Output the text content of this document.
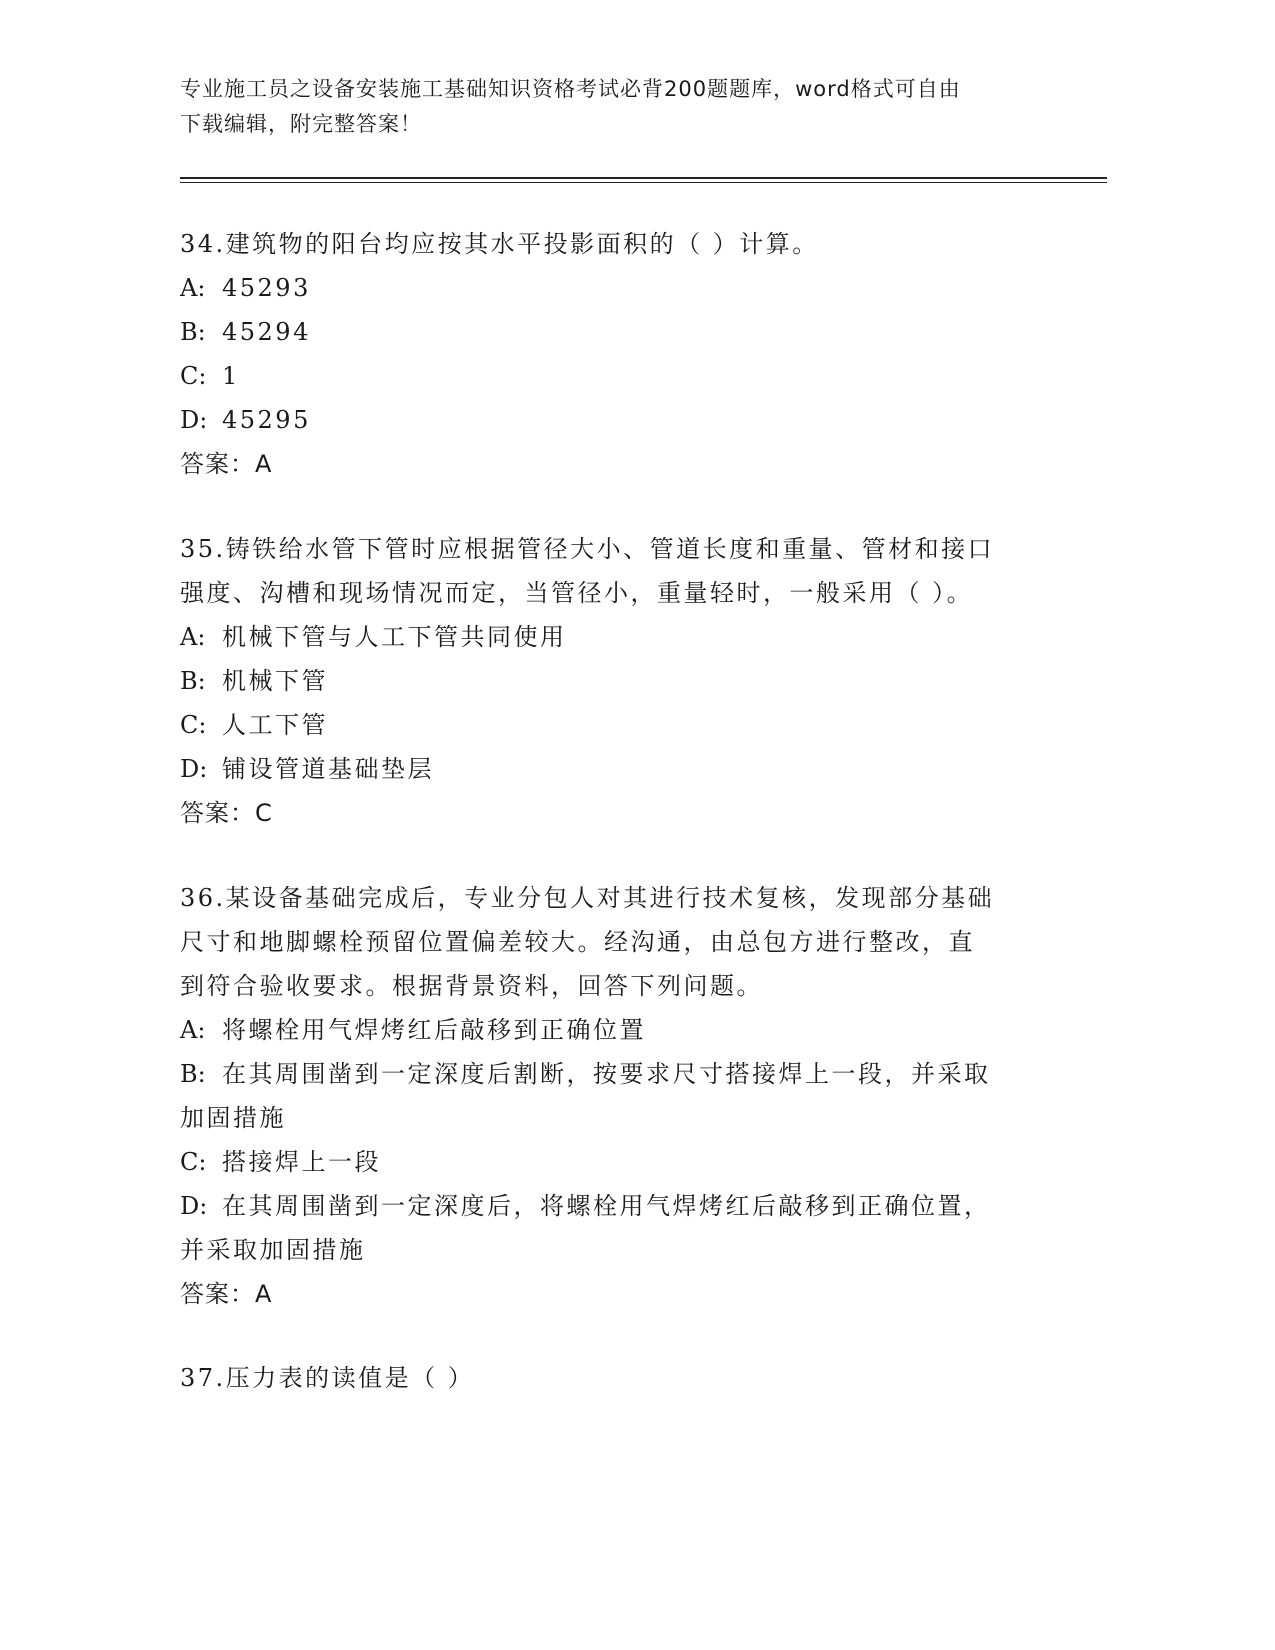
专业施工员之设备安装施工基础知识资格考试必背200题题库，word格式可自由
下载编辑，附完整答案！

34.建筑物的阳台均应按其水平投影面积的（ ）计算。

A: 45293

B: 45294

C: 1

D: 45295

答案：A

35.铸铁给水管下管时应根据管径大小、管道长度和重量、管材和接口

强度、沟槽和现场情况而定，当管径小，重量轻时，一般采用（ ）。

A: 机械下管与人工下管共同使用

B: 机械下管

C: 人工下管

D: 铺设管道基础垫层

答案：C

36.某设备基础完成后，专业分包人对其进行技术复核，发现部分基础

尺寸和地脚螺栓预留位置偏差较大。经沟通，由总包方进行整改，直

到符合验收要求。根据背景资料，回答下列问题。

A: 将螺栓用气焊烤红后敲移到正确位置

B: 在其周围凿到一定深度后割断，按要求尺寸搭接焊上一段，并采取

加固措施

C: 搭接焊上一段

D: 在其周围凿到一定深度后，将螺栓用气焊烤红后敲移到正确位置，

并采取加固措施

答案：A

37.压力表的读值是（ ）
